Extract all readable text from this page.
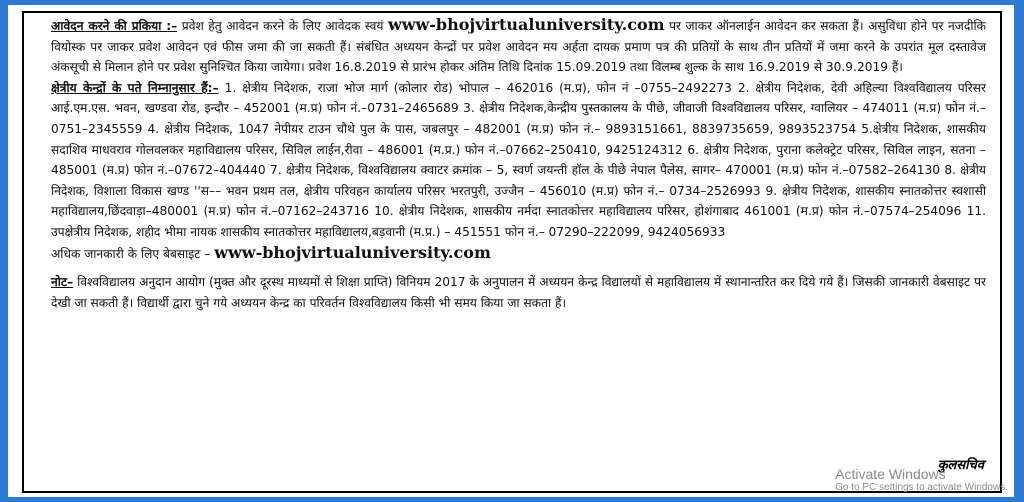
आवेदन करने की प्रकिया :– प्रवेश हेतु आवेदन करने के लिए आवेदक स्वयं www-bhojvirtualuniversity.com पर जाकर ऑनलाईन आवेदन कर सकता हैं। असुविधा होने पर नजदीकि वियोस्क पर जाकर प्रवेश आवेदन एवं फीस जमा की जा सकती हैं। संबंधित अध्ययन केन्द्रों पर प्रवेश आवेदन मय अर्हता दायक प्रमाण पत्र की प्रतियों के साथ तीन प्रतियों में जमा करने के उपरांत मूल दस्तावेज अंकसूची से मिलान होने पर प्रवेश सुनिश्चित किया जायेगा। प्रवेश 16.8.2019 से प्रारंभ होकर अंतिम तिथि दिनांक 15.09.2019 तथा विलम्ब शुल्क के साथ 16.9.2019 से 30.9.2019 हैं।

क्षेत्रीय केन्द्रों के पते निम्नानुसार हैं:– 1. क्षेत्रीय निदेशक, राजा भोज मार्ग (कोलार रोड) भोपाल – 462016 (म.प्र), फोन नं –0755–2492273 2. क्षेत्रीय निदेशक, देवी अहिल्या विश्वविद्यालय परिसर आई.एम.एस. भवन, खण्डवा रोड, इन्दौर – 452001 (म.प्र) फोन नं.–0731–2465689 3. क्षेत्रीय निदेशक,केन्द्रीय पुस्तकालय के पीछे, जीवाजी विश्वविद्यालय परिसर, ग्वालियर – 474011 (म.प्र) फोन नं.–0751–2345559 4. क्षेत्रीय निदेशक, 1047 नेपीयर टाउन चौथे पुल के पास, जबलपुर – 482001 (म.प्र) फोन नं.– 9893151661, 8839735659, 9893523754 5.क्षेत्रीय निदेशक, शासकीय सदाशिव माधवराव गोलवलकर महाविद्यालय परिसर, सिविल लाईन,रीवा – 486001 (म.प्र.) फोन नं.–07662–250410, 9425124312 6. क्षेत्रीय निदेशक, पुराना कलेक्ट्रेट परिसर, सिविल लाइन, सतना – 485001 (म.प्र) फोन नं.–07672–404440 7. क्षेत्रीय निदेशक, विश्वविद्यालय क्वाटर क्रमांक – 5, स्वर्ण जयन्ती हॉल के पीछे नेपाल पैलेस, सागर– 470001 (म.प्र) फोन नं.–07582–264130 8. क्षेत्रीय निदेशक, विशाला विकास खण्ड ''स–– भवन प्रथम तल, क्षेत्रीय परिवहन कार्यालय परिसर भरतपुरी, उज्जैन – 456010 (म.प्र) फोन नं.– 0734–2526993 9. क्षेत्रीय निदेशक, शासकीय स्नातकोत्तर स्वशासी महाविद्यालय,छिंदवाड़ा–480001 (म.प्र) फोन नं.–07162–243716 10. क्षेत्रीय निदेशक, शासकीय नर्मदा स्नातकोत्तर महाविद्यालय परिसर, होशंगाबाद 461001 (म.प्र) फोन नं.–07574–254096 11. उपक्षेत्रीय निदेशक, शहीद भीमा नायक शासकीय स्नातकोत्तर महाविद्यालय,बड़वानी (म.प्र.) – 451551 फोन नं.– 07290–222099, 9424056933

अधिक जानकारी के लिए बेबसाइट – www-bhojvirtualuniversity.com

नोट– विश्वविद्यालय अनुदान आयोग (मुक्त और दूरस्थ माध्यमों से शिक्षा प्राप्ति) विनियम 2017 के अनुपालन में अध्ययन केन्द्र विद्यालयों से महाविद्यालय में स्थानान्तरित कर दिये गये हैं। जिसकी जानकारी वेबसाइट पर देखी जा सकती हैं। विद्यार्थी द्वारा चुने गये अध्ययन केन्द्र का परिवर्तन विश्वविद्यालय किसी भी समय किया जा सकता हैं।

कुलसचिव
Activate Windows
Go to PC settings to activate Windows.
